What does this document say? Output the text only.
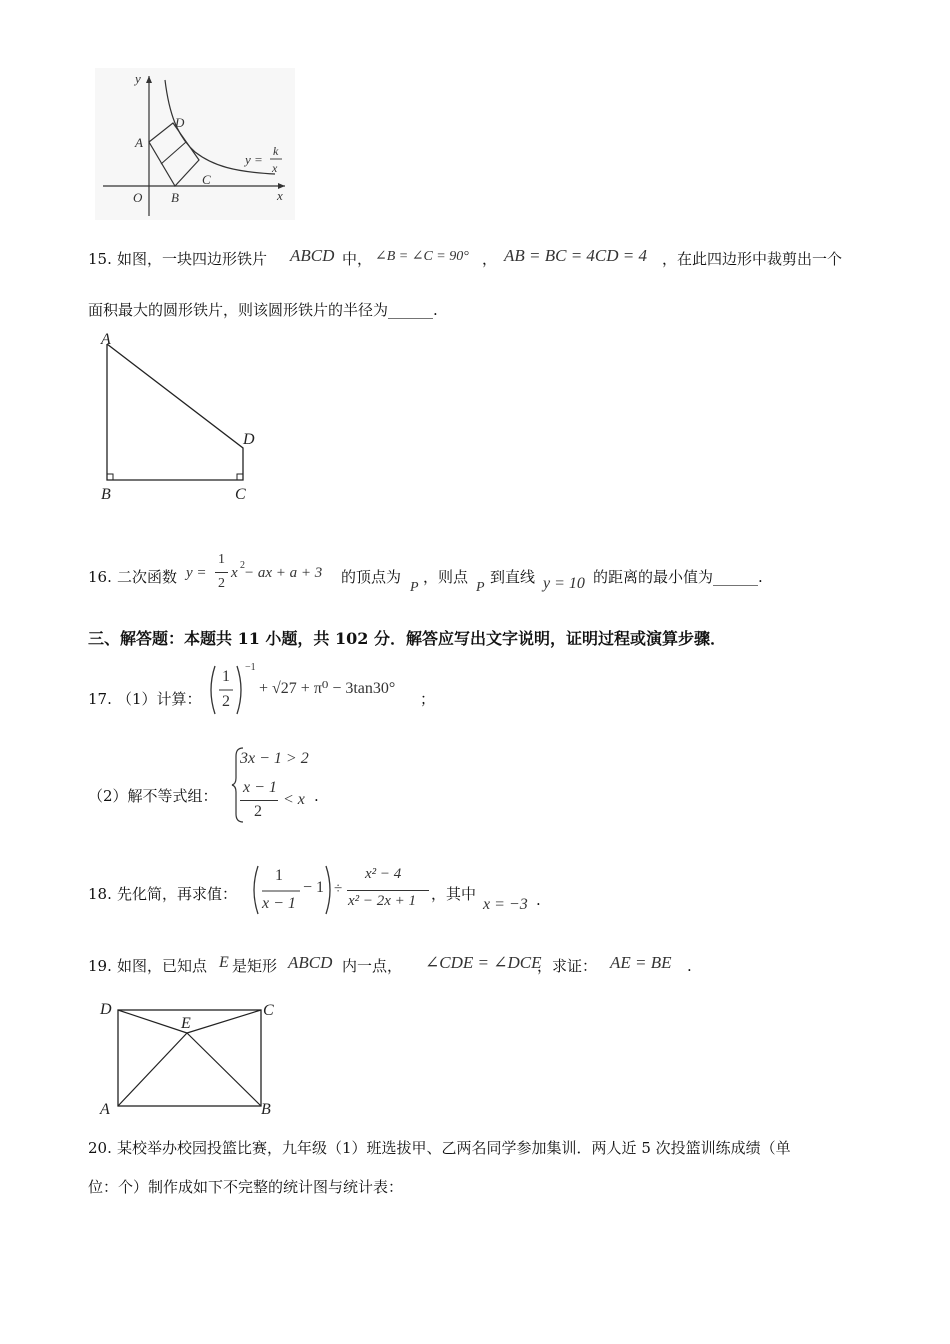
y
x
O
A
B
C
D
y =
k
x
15. 如图，一块四边形铁片 ABCD 中， ∠B = ∠C = 90° ， AB = BC = 4CD = 4 ，在此四边形中裁剪出一个
面积最大的圆形铁片，则该圆形铁片的半径为______.
A
B	C
D
16. 二次函数 y =
1
2
x 2 − ax + a + 3 的顶点为
P
，则点
P
到直线 y = 10 的距离的最小值为______.
三、解答题：本题共 11 小题，共 102 分．解答应写出文字说明，证明过程或演算步骤．
17. （1）计算：
1
2
−1
+ √27 + π⁰ − 3tan30°
；
（2）解不等式组：
3x − 1 > 2
x − 1
2
< x .
18. 先化简，再求值：
1
x − 1
− 1 ÷
x² − 4
x² − 2x + 1 ，其中
x = −3 .
19. 如图，已知点 E 是矩形 ABCD 内一点， ∠CDE = ∠DCE
，求证： AE = BE .
D	C
E
A	B
20. 某校举办校园投篮比赛，九年级（1）班选拔甲、乙两名同学参加集训．两人近 5 次投篮训练成绩（单
位：个）制作成如下不完整的统计图与统计表：
